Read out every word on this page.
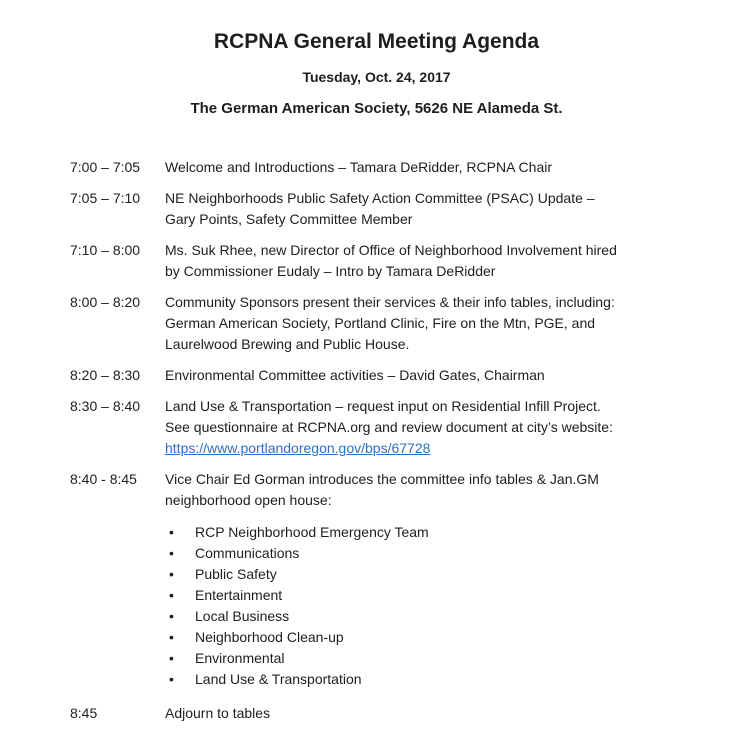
RCPNA General Meeting Agenda
Tuesday, Oct. 24, 2017
The German American Society, 5626 NE Alameda St.
7:00 – 7:05	Welcome and Introductions – Tamara DeRidder, RCPNA Chair
7:05 – 7:10	NE Neighborhoods Public Safety Action Committee (PSAC) Update –
Gary Points, Safety Committee Member
7:10 – 8:00	Ms. Suk Rhee, new Director of Office of Neighborhood Involvement hired
by Commissioner Eudaly – Intro by Tamara DeRidder
8:00 – 8:20	Community Sponsors present their services & their info tables, including:
German American Society, Portland Clinic, Fire on the Mtn, PGE, and
Laurelwood Brewing and Public House.
8:20 – 8:30	Environmental Committee activities – David Gates, Chairman
8:30 – 8:40	Land Use & Transportation – request input on Residential Infill Project.
See questionnaire at RCPNA.org and review document at city’s website:
https://www.portlandoregon.gov/bps/67728
8:40 - 8:45	Vice Chair Ed Gorman introduces the committee info tables & Jan.GM
neighborhood open house:
• RCP Neighborhood Emergency Team
• Communications
• Public Safety
• Entertainment
• Local Business
• Neighborhood Clean-up
• Environmental
• Land Use & Transportation
8:45	Adjourn to tables
